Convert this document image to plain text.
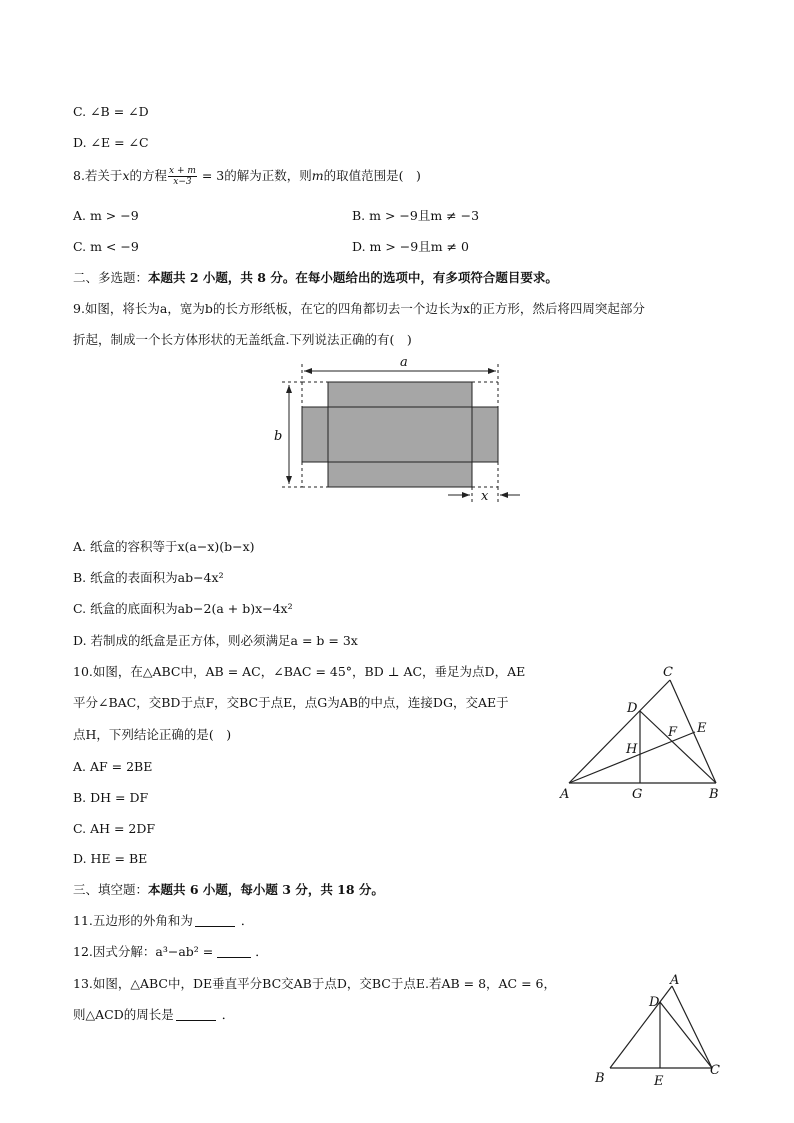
C. ∠B = ∠D
D. ∠E = ∠C
8.若关于x的方程 $\frac{x + m}{x-3} = 3$的解为正数，则m的取值范围是(　)
A. m > −9	B. m > −9且m ≠ −3
C. m < −9	D. m > −9且m ≠ 0
二、多选题：本题共 2 小题，共 8 分。在每小题给出的选项中，有多项符合题目要求。
9.如图，将长为a，宽为b的长方形纸板，在它的四角都切去一个边长为x的正方形，然后将四周突起部分
折起，制成一个长方体形状的无盖纸盒.下列说法正确的有(　)
a
b
x
A. 纸盒的容积等于x(a−x)(b−x)
B. 纸盒的表面积为ab−4x²
C. 纸盒的底面积为ab−2(a + b)x−4x²
D. 若制成的纸盒是正方体，则必须满足a = b = 3x
10.如图，在△ABC中，AB = AC，∠BAC = 45°，BD ⊥ AC，垂足为点D，AE
平分∠BAC，交BD于点F，交BC于点E，点G为AB的中点，连接DG，交AE于
点H，下列结论正确的是(　)
A. AF = 2BE
B. DH = DF
C. AH = 2DF
D. HE = BE
C
D
E
F
H
A	G	B
三、填空题：本题共 6 小题，每小题 3 分，共 18 分。
11.五边形的外角和为	．
12.因式分解：a³−ab² =	．
13.如图，△ABC中，DE垂直平分BC交AB于点D，交BC于点E.若AB = 8，AC = 6，
则△ACD的周长是	．
A
D
B	E
C
